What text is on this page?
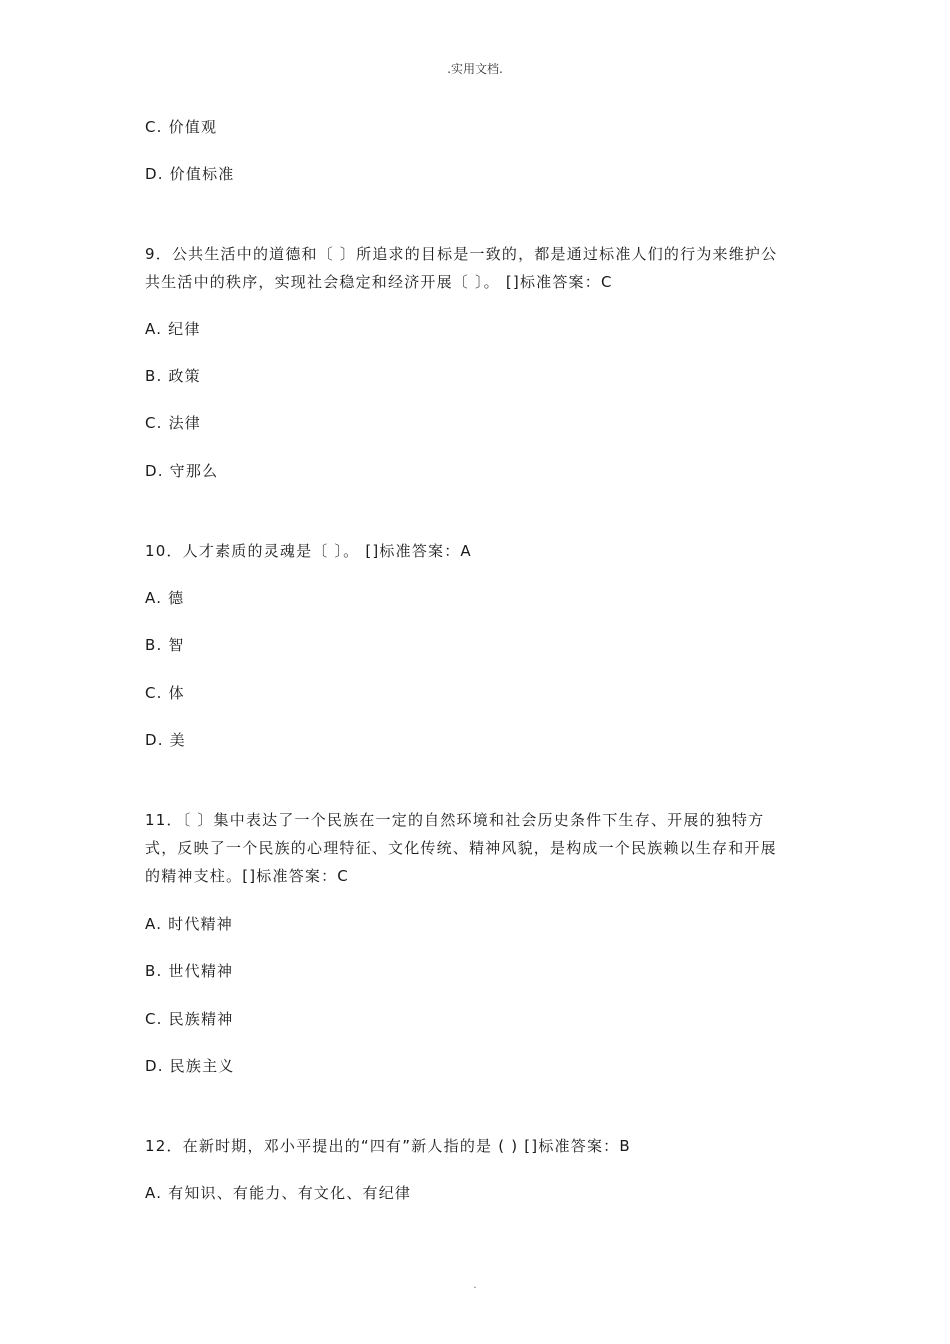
.实用文档.
C. 价值观
D. 价值标准
9．公共生活中的道德和〔 〕所追求的目标是一致的，都是通过标准人们的行为来维护公
共生活中的秩序，实现社会稳定和经济开展〔 〕。 []标准答案：C
A. 纪律
B. 政策
C. 法律
D. 守那么
10．人才素质的灵魂是〔 〕。 []标准答案：A
A. 德
B. 智
C. 体
D. 美
11．〔 〕集中表达了一个民族在一定的自然环境和社会历史条件下生存、开展的独特方
式，反映了一个民族的心理特征、文化传统、精神风貌，是构成一个民族赖以生存和开展
的精神支柱。[]标准答案：C
A. 时代精神
B. 世代精神
C. 民族精神
D. 民族主义
12．在新时期，邓小平提出的“四有”新人指的是 ( ) []标准答案：B
A. 有知识、有能力、有文化、有纪律
.
